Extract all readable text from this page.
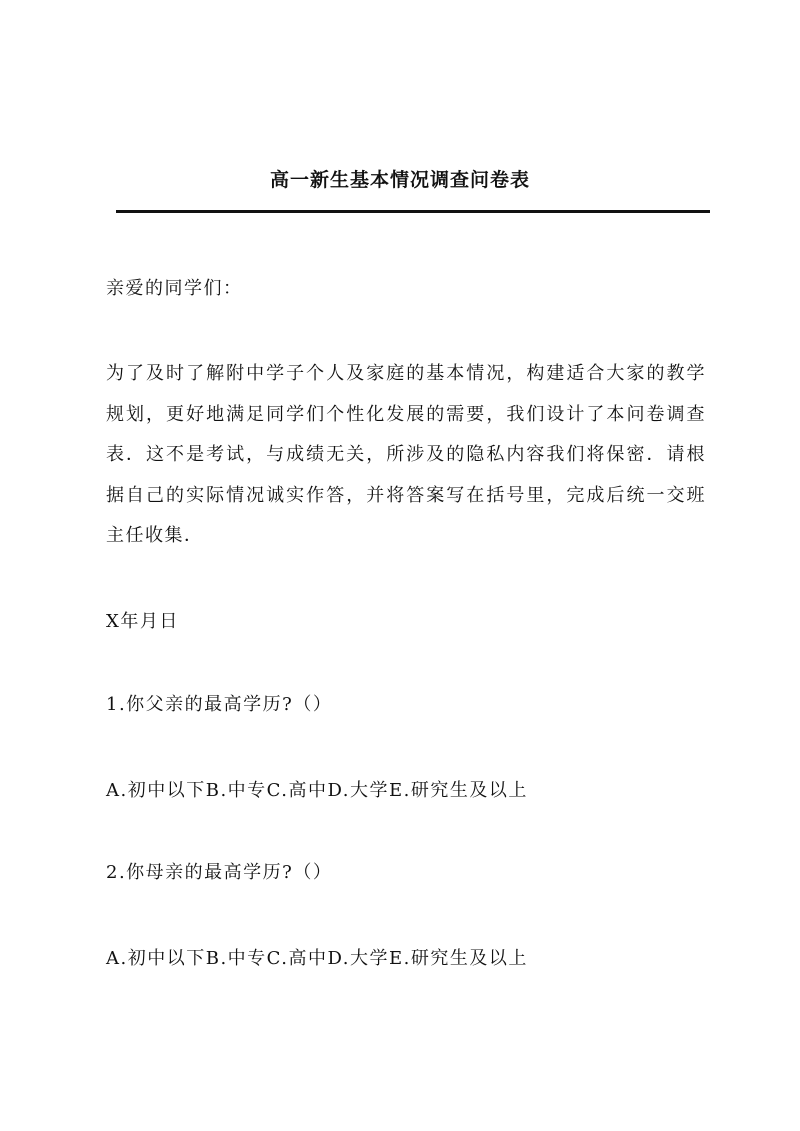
高一新生基本情况调查问卷表
亲爱的同学们：
为了及时了解附中学子个人及家庭的基本情况，构建适合大家的教学规划，更好地满足同学们个性化发展的需要，我们设计了本问卷调查表．这不是考试，与成绩无关，所涉及的隐私内容我们将保密．请根据自己的实际情况诚实作答，并将答案写在括号里，完成后统一交班主任收集．
X年月日
1.你父亲的最高学历?（）
A.初中以下B.中专C.高中D.大学E.研究生及以上
2.你母亲的最高学历?（）
A.初中以下B.中专C.高中D.大学E.研究生及以上
